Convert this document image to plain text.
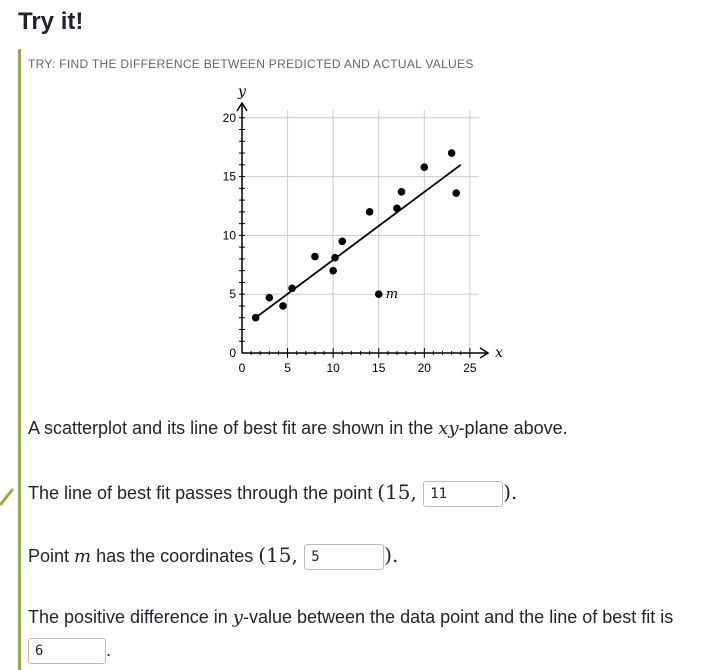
Try it!

TRY: FIND THE DIFFERENCE BETWEEN PREDICTED AND ACTUAL VALUES

0	5	10	15	20	25
5
10
15
20
0
y
x
m

A scatterplot and its line of best fit are shown in the xy-plane above.

The line of best fit passes through the point (15, 11	).

Point m has the coordinates (15, 5	).

The positive difference in y-value between the data point and the line of best fit is 6	.
